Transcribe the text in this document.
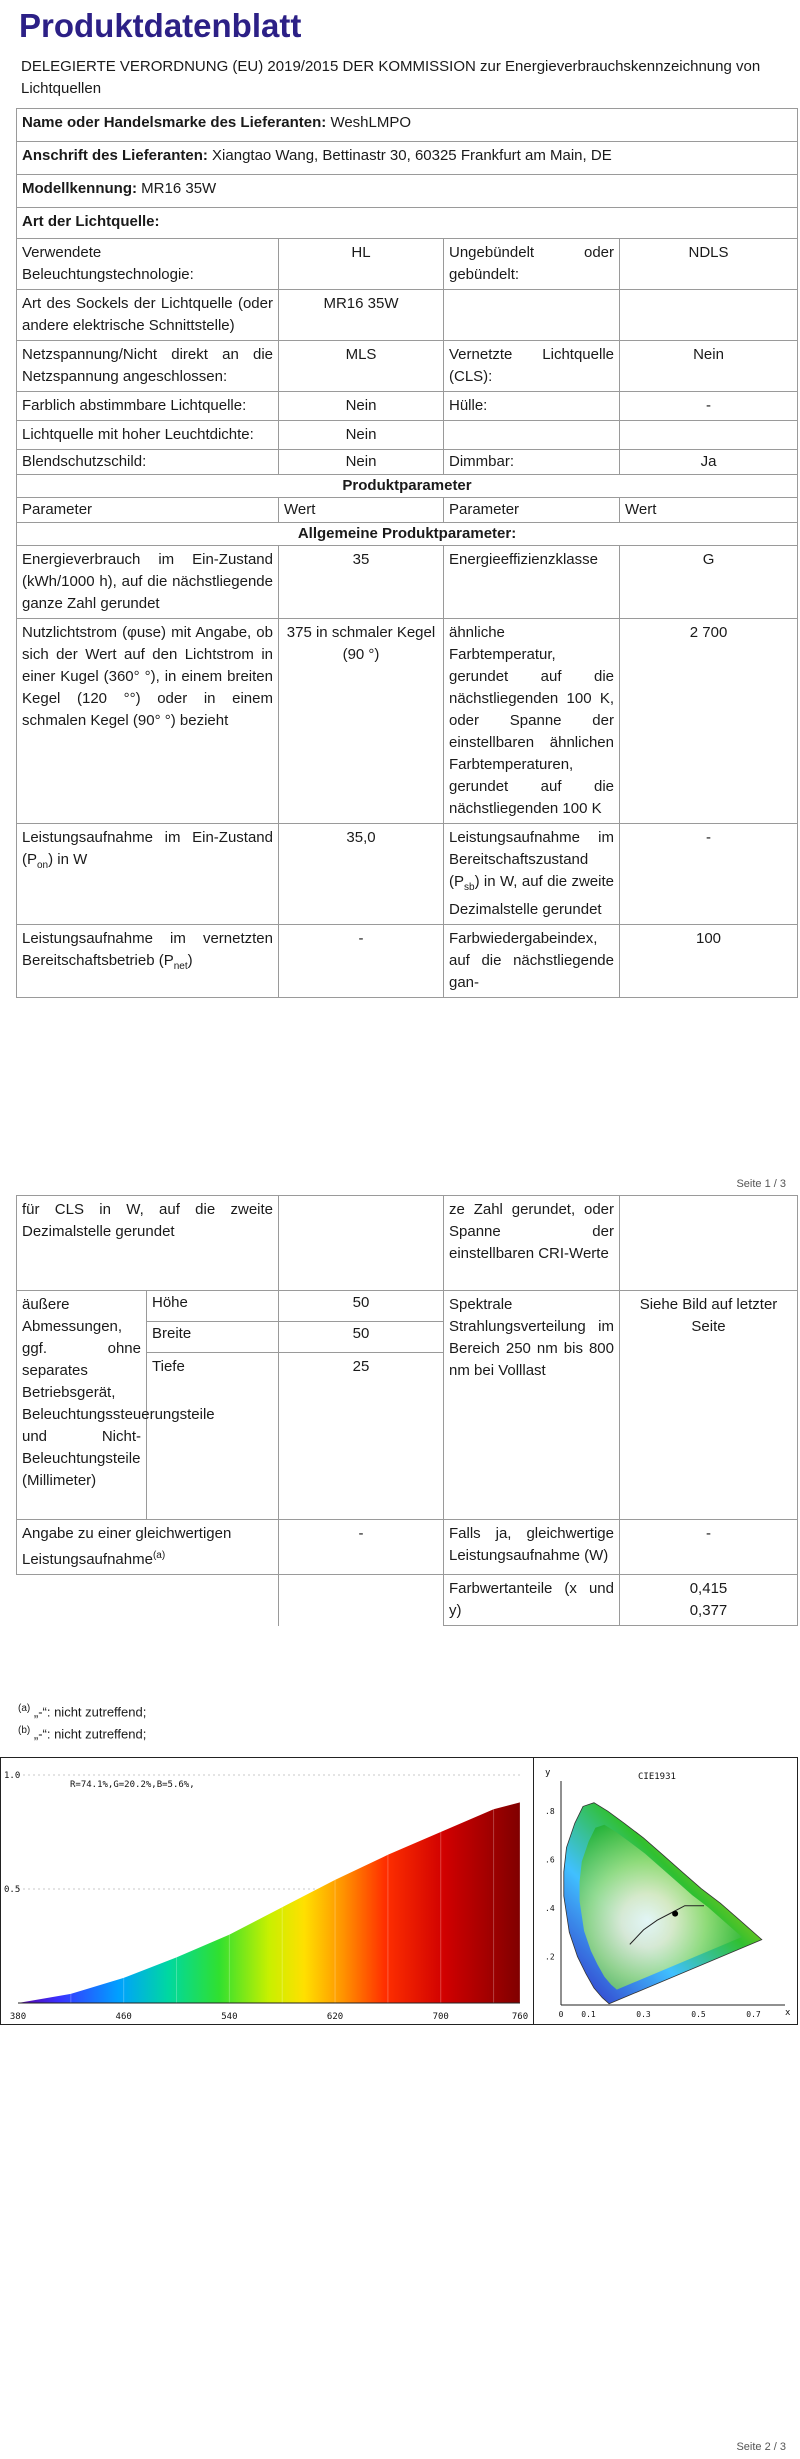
Produktdatenblatt
DELEGIERTE VERORDNUNG (EU) 2019/2015 DER KOMMISSION zur Energieverbrauchskennzeichnung von Lichtquellen
Name oder Handelsmarke des Lieferanten: WeshLMPO			
Anschrift des Lieferanten: Xiangtao Wang, Bettinastr 30, 60325 Frankfurt am Main, DE			
Modellkennung: MR16 35W			
Art der Lichtquelle:			
Verwendete Beleuchtungstechnologie:	HL	Ungebündelt oder gebündelt:	NDLS
Art des Sockels der Lichtquelle (oder andere elektrische Schnittstelle)	MR16 35W		
Netzspannung/Nicht direkt an die Netzspannung angeschlossen:	MLS	Vernetzte Lichtquelle (CLS):	Nein
Farblich abstimmbare Lichtquelle:	Nein	Hülle:	-
Lichtquelle mit hoher Leuchtdichte:	Nein		
Blendschutzschild:	Nein	Dimmbar:	Ja
Produktparameter			
Parameter	Wert	Parameter	Wert
Allgemeine Produktparameter:			
Energieverbrauch im Ein-Zustand (kWh/1000 h), auf die nächstliegende ganze Zahl gerundet	35	Energieeffizienzklasse	G
Nutzlichtstrom (φuse) mit Angabe, ob sich der Wert auf den Lichtstrom in einer Kugel (360° °), in einem breiten Kegel (120 °°) oder in einem schmalen Kegel (90° °) bezieht	375 in schmaler Kegel (90 °)	ähnliche Farbtemperatur, gerundet auf die nächstliegenden 100 K, oder Spanne der einstellbaren ähnlichen Farbtemperaturen, gerundet auf die nächstliegenden 100 K	2 700
Leistungsaufnahme im Ein-Zustand $(P_{on})$ in W	35,0	Leistungsaufnahme im Bereitschaftszustand $(P_{sb})$ in W, auf die zweite Dezimalstelle gerundet	-
Leistungsaufnahme im vernetzten Bereitschaftsbetrieb $(P_{net})$	-	Farbwiedergabeindex, auf die nächstliegende gan-	100
Seite 1 / 3
für CLS in W, auf die zweite Dezimalstelle gerundet			ze Zahl gerundet, oder Spanne der einstellbaren CRI-Werte	
äußere Abmessungen, ggf. ohne separates Betriebsgerät, Beleuchtungssteuerungsteile und Nicht-Beleuchtungsteile (Millimeter)	Höhe	50	Spektrale Strahlungsverteilung im Bereich 250 nm bis 800 nm bei Volllast	Siehe Bild auf letzter Seite
	Breite	50		
	Tiefe	25		
Angabe zu einer gleichwertigen Leistungsaufnahme$^{(a)}$		-	Falls ja, gleichwertige Leistungsaufnahme (W)	-
			Farbwertanteile (x und y)	0,415
0,377
$^{(a)}$ „-“: nicht zutreffend;
$^{(b)}$ „-“: nicht zutreffend;
R=74.1%,G=20.2%,B=5.6%,
380	460	540	620	700	760
1.0
0.5
y	CIE1931
x
0 0.1	0.3	0.5	0.7
.8
.6
.4
.2
Seite 2 / 3
